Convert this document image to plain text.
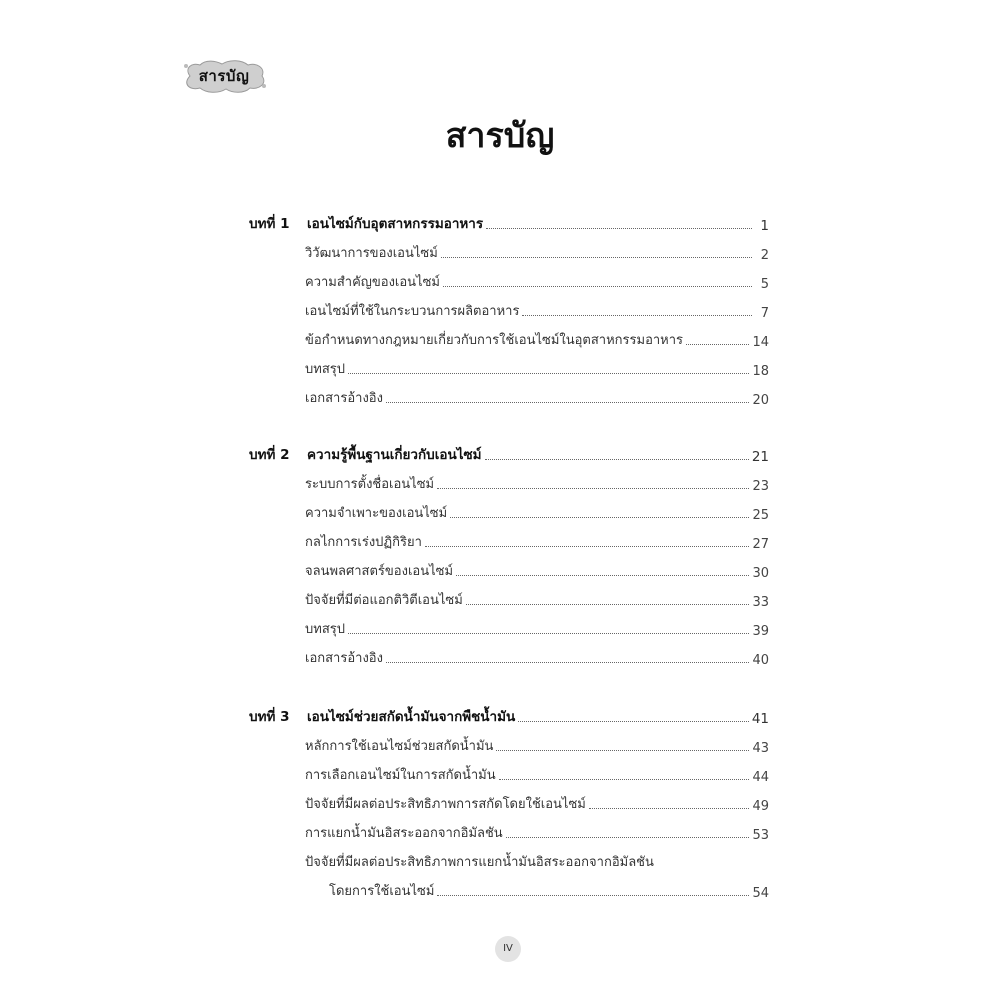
สารบัญ
สารบัญ
บทที่ 1	เอนไซม์กับอุตสาหกรรมอาหาร	1
วิวัฒนาการของเอนไซม์	2
ความสำคัญของเอนไซม์	5
เอนไซม์ที่ใช้ในกระบวนการผลิตอาหาร	7
ข้อกำหนดทางกฎหมายเกี่ยวกับการใช้เอนไซม์ในอุตสาหกรรมอาหาร	14
บทสรุป	18
เอกสารอ้างอิง	20
บทที่ 2	ความรู้พื้นฐานเกี่ยวกับเอนไซม์	21
ระบบการตั้งชื่อเอนไซม์	23
ความจำเพาะของเอนไซม์	25
กลไกการเร่งปฏิกิริยา	27
จลนพลศาสตร์ของเอนไซม์	30
ปัจจัยที่มีต่อแอกติวิตีเอนไซม์	33
บทสรุป	39
เอกสารอ้างอิง	40
บทที่ 3	เอนไซม์ช่วยสกัดน้ำมันจากพืชน้ำมัน	41
หลักการใช้เอนไซม์ช่วยสกัดน้ำมัน	43
การเลือกเอนไซม์ในการสกัดน้ำมัน	44
ปัจจัยที่มีผลต่อประสิทธิภาพการสกัดโดยใช้เอนไซม์	49
การแยกน้ำมันอิสระออกจากอิมัลชัน	53
ปัจจัยที่มีผลต่อประสิทธิภาพการแยกน้ำมันอิสระออกจากอิมัลชัน
โดยการใช้เอนไซม์	54
IV
